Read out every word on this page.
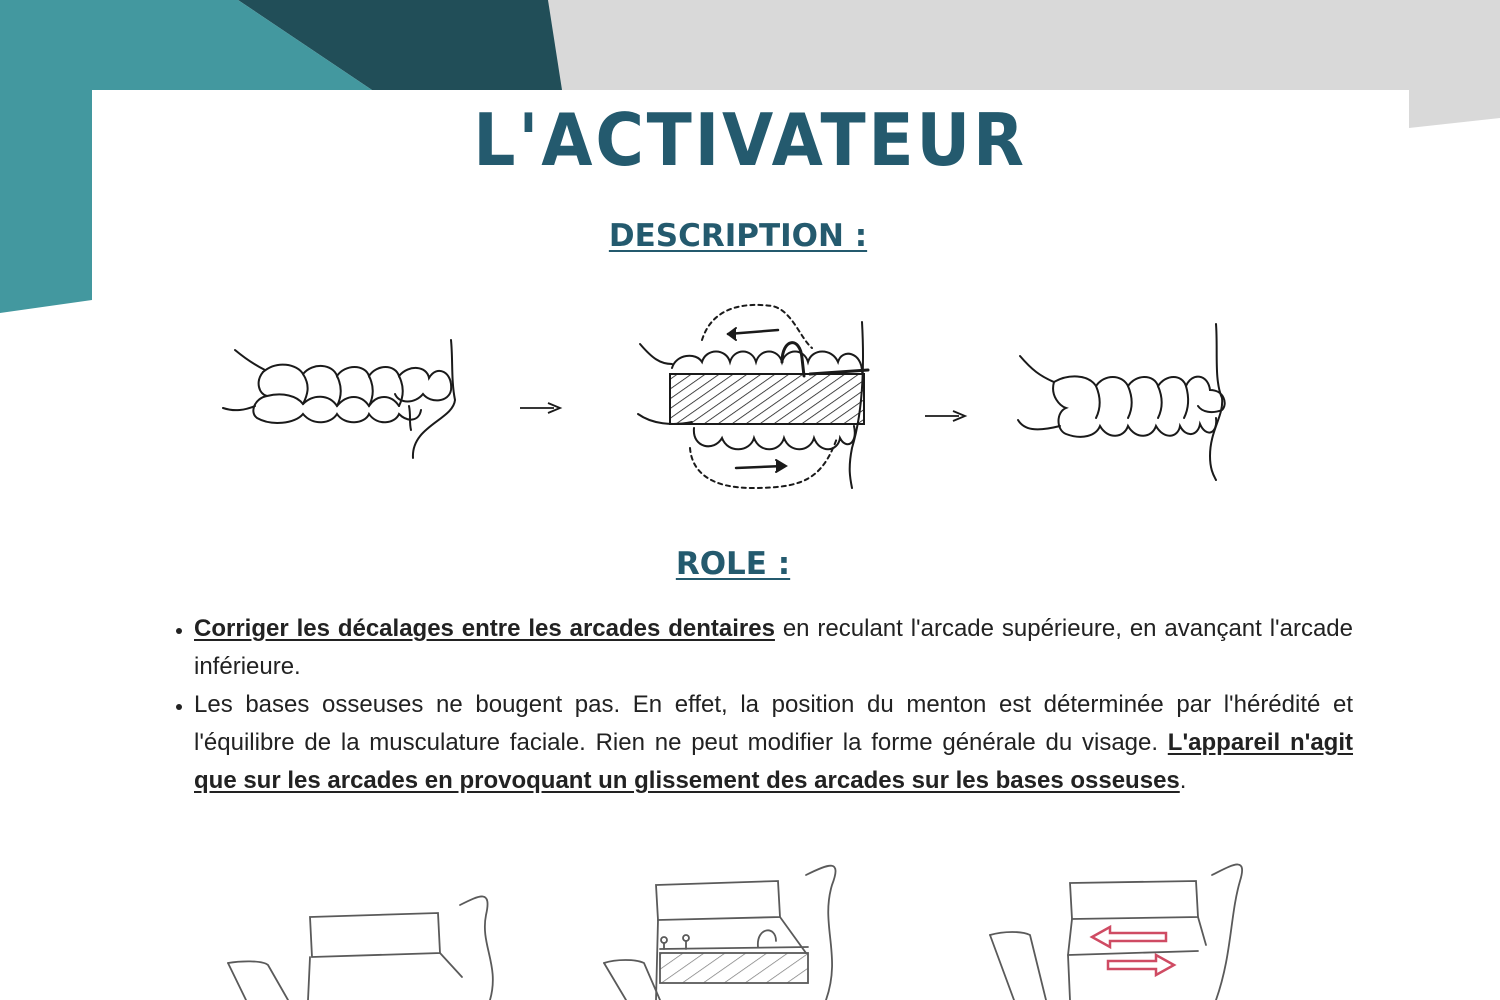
L'ACTIVATEUR
DESCRIPTION :
ROLE :
• Corriger les décalages entre les arcades dentaires en reculant l'arcade supérieure, en avançant l'arcade inférieure.
• Les bases osseuses ne bougent pas. En effet, la position du menton est déterminée par l'hérédité et l'équilibre de la musculature faciale. Rien ne peut modifier la forme générale du visage. L'appareil n'agit que sur les arcades en provoquant un glissement des arcades sur les bases osseuses.
